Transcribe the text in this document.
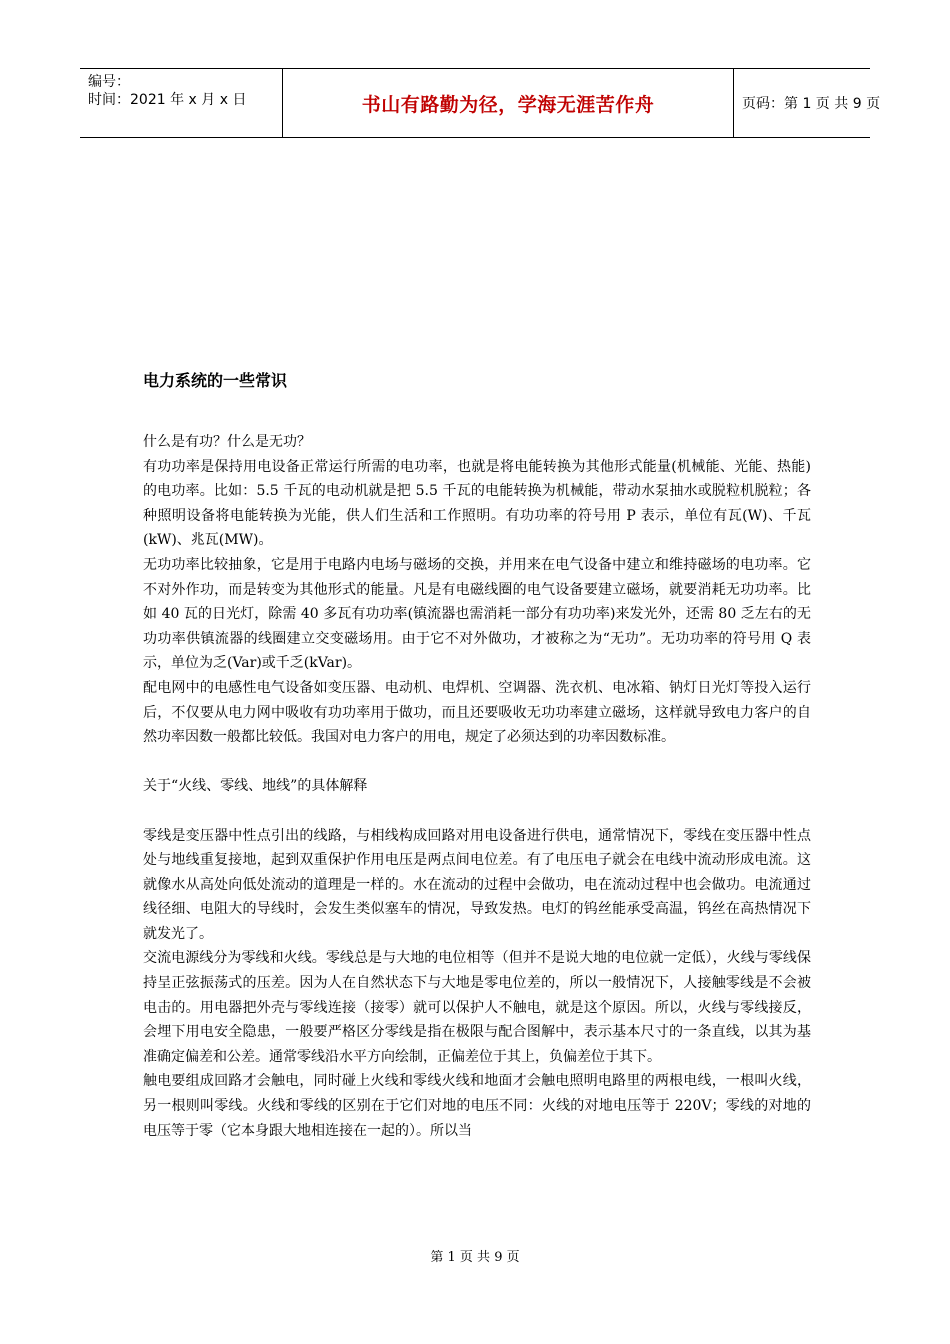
编号：
时间：2021 年 x 月 x 日	书山有路勤为径，学海无涯苦作舟	页码：第 1 页 共 9 页
电力系统的一些常识

什么是有功？什么是无功？

有功功率是保持用电设备正常运行所需的电功率，也就是将电能转换为其他形式能量(机械能、光能、热能)的电功率。比如：5.5 千瓦的电动机就是把 5.5 千瓦的电能转换为机械能，带动水泵抽水或脱粒机脱粒；各种照明设备将电能转换为光能，供人们生活和工作照明。有功功率的符号用 P 表示，单位有瓦(W)、千瓦(kW)、兆瓦(MW)。

无功功率比较抽象，它是用于电路内电场与磁场的交换，并用来在电气设备中建立和维持磁场的电功率。它不对外作功，而是转变为其他形式的能量。凡是有电磁线圈的电气设备要建立磁场，就要消耗无功功率。比如 40 瓦的日光灯，除需 40 多瓦有功功率(镇流器也需消耗一部分有功功率)来发光外，还需 80 乏左右的无功功率供镇流器的线圈建立交变磁场用。由于它不对外做功，才被称之为“无功”。无功功率的符号用 Q 表示，单位为乏(Var)或千乏(kVar)。

配电网中的电感性电气设备如变压器、电动机、电焊机、空调器、洗衣机、电冰箱、钠灯日光灯等投入运行后，不仅要从电力网中吸收有功功率用于做功，而且还要吸收无功功率建立磁场，这样就导致电力客户的自然功率因数一般都比较低。我国对电力客户的用电，规定了必须达到的功率因数标准。

关于“火线、零线、地线”的具体解释

零线是变压器中性点引出的线路，与相线构成回路对用电设备进行供电，通常情况下，零线在变压器中性点处与地线重复接地，起到双重保护作用电压是两点间电位差。有了电压电子就会在电线中流动形成电流。这就像水从高处向低处流动的道理是一样的。水在流动的过程中会做功，电在流动过程中也会做功。电流通过线径细、电阻大的导线时，会发生类似塞车的情况，导致发热。电灯的钨丝能承受高温，钨丝在高热情况下就发光了。

交流电源线分为零线和火线。零线总是与大地的电位相等（但并不是说大地的电位就一定低），火线与零线保持呈正弦振荡式的压差。因为人在自然状态下与大地是零电位差的，所以一般情况下，人接触零线是不会被电击的。用电器把外壳与零线连接（接零）就可以保护人不触电，就是这个原因。所以，火线与零线接反，会埋下用电安全隐患，一般要严格区分零线是指在极限与配合图解中，表示基本尺寸的一条直线，以其为基准确定偏差和公差。通常零线沿水平方向绘制，正偏差位于其上，负偏差位于其下。

触电要组成回路才会触电，同时碰上火线和零线火线和地面才会触电照明电路里的两根电线，一根叫火线，另一根则叫零线。火线和零线的区别在于它们对地的电压不同：火线的对地电压等于 220V；零线的对地的电压等于零（它本身跟大地相连接在一起的）。所以当

第 1 页 共 9 页
